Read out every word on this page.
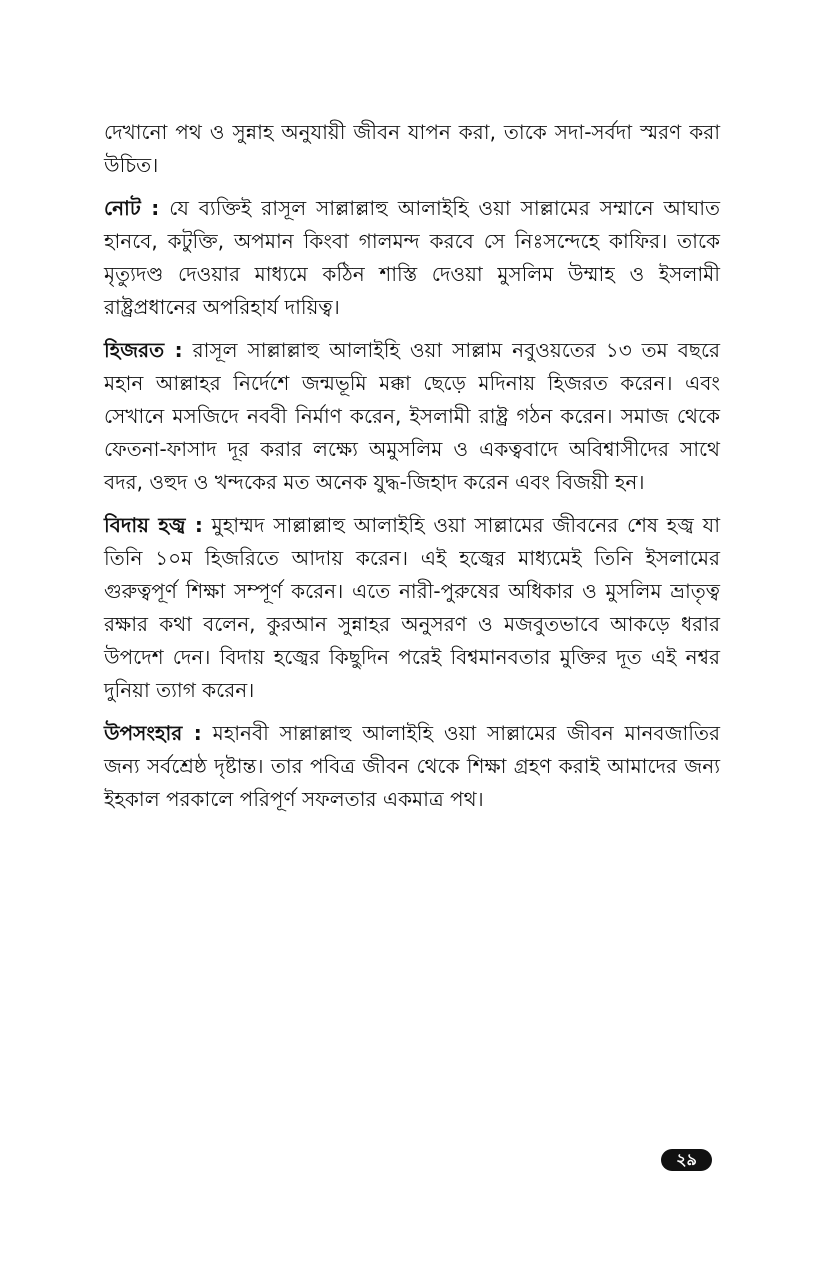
দেখানো পথ ও সুন্নাহ অনুযায়ী জীবন যাপন করা, তাকে সদা-সর্বদা স্মরণ করা উচিত।

নোট : যে ব্যক্তিই রাসূল সাল্লাল্লাহু আলাইহি ওয়া সাল্লামের সম্মানে আঘাত হানবে, কটুক্তি, অপমান কিংবা গালমন্দ করবে সে নিঃসন্দেহে কাফির। তাকে মৃত্যুদণ্ড দেওয়ার মাধ্যমে কঠিন শাস্তি দেওয়া মুসলিম উম্মাহ ও ইসলামী রাষ্ট্রপ্রধানের অপরিহার্য দায়িত্ব।

হিজরত : রাসূল সাল্লাল্লাহু আলাইহি ওয়া সাল্লাম নবুওয়তের ১৩ তম বছরে মহান আল্লাহর নির্দেশে জন্মভূমি মক্কা ছেড়ে মদিনায় হিজরত করেন। এবং সেখানে মসজিদে নববী নির্মাণ করেন, ইসলামী রাষ্ট্র গঠন করেন। সমাজ থেকে ফেতনা-ফাসাদ দূর করার লক্ষ্যে অমুসলিম ও একত্ববাদে অবিশ্বাসীদের সাথে বদর, ওহুদ ও খন্দকের মত অনেক যুদ্ধ-জিহাদ করেন এবং বিজয়ী হন।

বিদায় হজ্ব : মুহাম্মদ সাল্লাল্লাহু আলাইহি ওয়া সাল্লামের জীবনের শেষ হজ্ব যা তিনি ১০ম হিজরিতে আদায় করেন। এই হজ্বের মাধ্যমেই তিনি ইসলামের গুরুত্বপূর্ণ শিক্ষা সম্পূর্ণ করেন। এতে নারী-পুরুষের অধিকার ও মুসলিম ভ্রাতৃত্ব রক্ষার কথা বলেন, কুরআন সুন্নাহর অনুসরণ ও মজবুতভাবে আকড়ে ধরার উপদেশ দেন। বিদায় হজ্বের কিছুদিন পরেই বিশ্বমানবতার মুক্তির দূত এই নশ্বর দুনিয়া ত্যাগ করেন।

উপসংহার : মহানবী সাল্লাল্লাহু আলাইহি ওয়া সাল্লামের জীবন মানবজাতির জন্য সর্বশ্রেষ্ঠ দৃষ্টান্ত। তার পবিত্র জীবন থেকে শিক্ষা গ্রহণ করাই আমাদের জন্য ইহকাল পরকালে পরিপূর্ণ সফলতার একমাত্র পথ।

২৯
